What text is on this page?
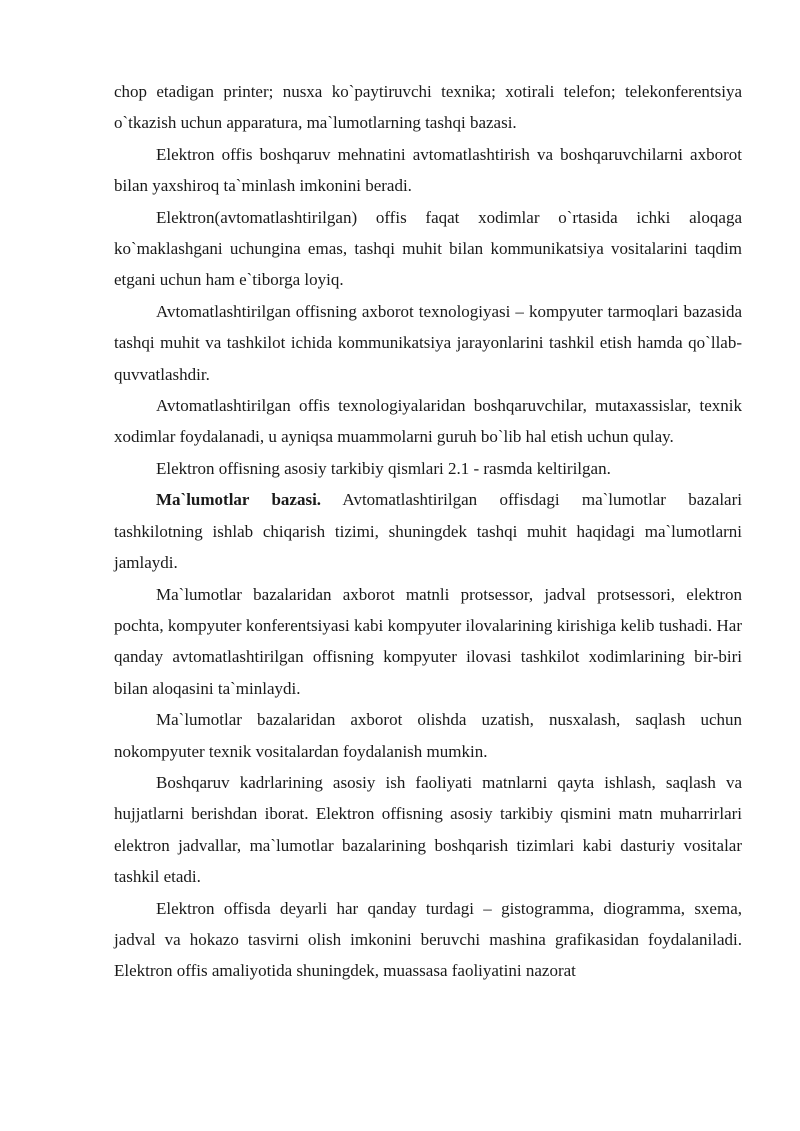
chop etadigan printer; nusxa ko`paytiruvchi texnika; xotirali telefon; telekonferentsiya o`tkazish uchun apparatura, ma`lumotlarning tashqi bazasi.

Elektron offis boshqaruv mehnatini avtomatlashtirish va boshqaruvchilarni axborot bilan yaxshiroq ta`minlash imkonini beradi.

Elektron(avtomatlashtirilgan) offis faqat xodimlar o`rtasida ichki aloqaga ko`maklashgani uchungina emas, tashqi muhit bilan kommunikatsiya vositalarini taqdim etgani uchun ham e`tiborga loyiq.

Avtomatlashtirilgan offisning axborot texnologiyasi – kompyuter tarmoqlari bazasida tashqi muhit va tashkilot ichida kommunikatsiya jarayonlarini tashkil etish hamda qo`llab-quvvatlashdir.

Avtomatlashtirilgan offis texnologiyalaridan boshqaruvchilar, mutaxassislar, texnik xodimlar foydalanadi, u ayniqsa muammolarni guruh bo`lib hal etish uchun qulay.

Elektron offisning asosiy tarkibiy qismlari 2.1 - rasmda keltirilgan.

Ma`lumotlar bazasi. Avtomatlashtirilgan offisdagi ma`lumotlar bazalari tashkilotning ishlab chiqarish tizimi, shuningdek tashqi muhit haqidagi ma`lumotlarni jamlaydi.

Ma`lumotlar bazalaridan axborot matnli protsessor, jadval protsessori, elektron pochta, kompyuter konferentsiyasi kabi kompyuter ilovalarining kirishiga kelib tushadi. Har qanday avtomatlashtirilgan offisning kompyuter ilovasi tashkilot xodimlarining bir-biri bilan aloqasini ta`minlaydi.

Ma`lumotlar bazalaridan axborot olishda uzatish, nusxalash, saqlash uchun nokompyuter texnik vositalardan foydalanish mumkin.

Boshqaruv kadrlarining asosiy ish faoliyati matnlarni qayta ishlash, saqlash va hujjatlarni berishdan iborat. Elektron offisning asosiy tarkibiy qismini matn muharrirlari elektron jadvallar, ma`lumotlar bazalarining boshqarish tizimlari kabi dasturiy vositalar tashkil etadi.

Elektron offisda deyarli har qanday turdagi – gistogramma, diogramma, sxema, jadval va hokazo tasvirni olish imkonini beruvchi mashina grafikasidan foydalaniladi. Elektron offis amaliyotida shuningdek, muassasa faoliyatini nazorat
